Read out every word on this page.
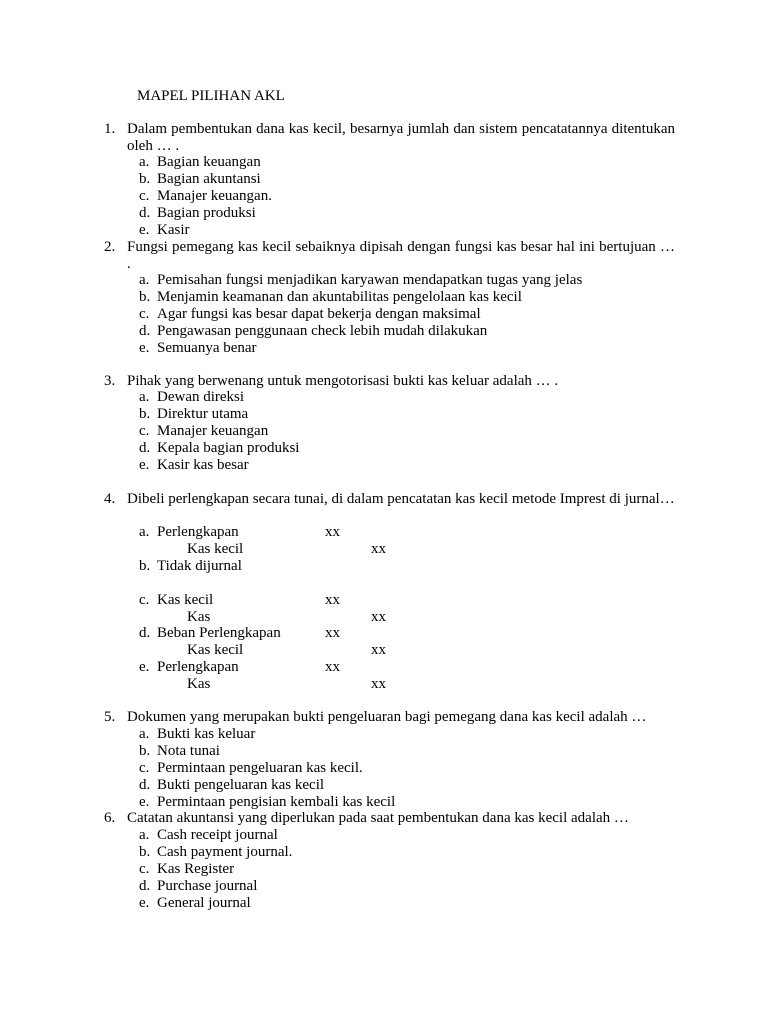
MAPEL PILIHAN AKL
1. Dalam pembentukan dana kas kecil, besarnya jumlah dan sistem pencatatannya ditentukan oleh … .
a. Bagian keuangan
b. Bagian akuntansi
c. Manajer keuangan.
d. Bagian produksi
e. Kasir
2. Fungsi pemegang kas kecil sebaiknya dipisah dengan fungsi kas besar hal ini bertujuan … .
a. Pemisahan fungsi menjadikan karyawan mendapatkan tugas yang jelas
b. Menjamin keamanan dan akuntabilitas pengelolaan kas kecil
c. Agar fungsi kas besar dapat bekerja dengan maksimal
d. Pengawasan penggunaan check lebih mudah dilakukan
e. Semuanya benar
3. Pihak yang berwenang untuk mengotorisasi bukti kas keluar adalah … .
a. Dewan direksi
b. Direktur utama
c. Manajer keuangan
d. Kepala bagian produksi
e. Kasir kas besar
4. Dibeli perlengkapan secara tunai, di dalam pencatatan kas kecil metode Imprest di jurnal…
a. Perlengkapan	xx
Kas kecil	xx
b. Tidak dijurnal
c. Kas kecil	xx
Kas	xx
d. Beban Perlengkapan	xx
Kas kecil	xx
e. Perlengkapan	xx
Kas	xx
5. Dokumen yang merupakan bukti pengeluaran bagi pemegang dana kas kecil adalah …
a. Bukti kas keluar
b. Nota tunai
c. Permintaan pengeluaran kas kecil.
d. Bukti pengeluaran kas kecil
e. Permintaan pengisian kembali kas kecil
6. Catatan akuntansi yang diperlukan pada saat pembentukan dana kas kecil adalah …
a. Cash receipt journal
b. Cash payment journal.
c. Kas Register
d. Purchase journal
e. General journal
